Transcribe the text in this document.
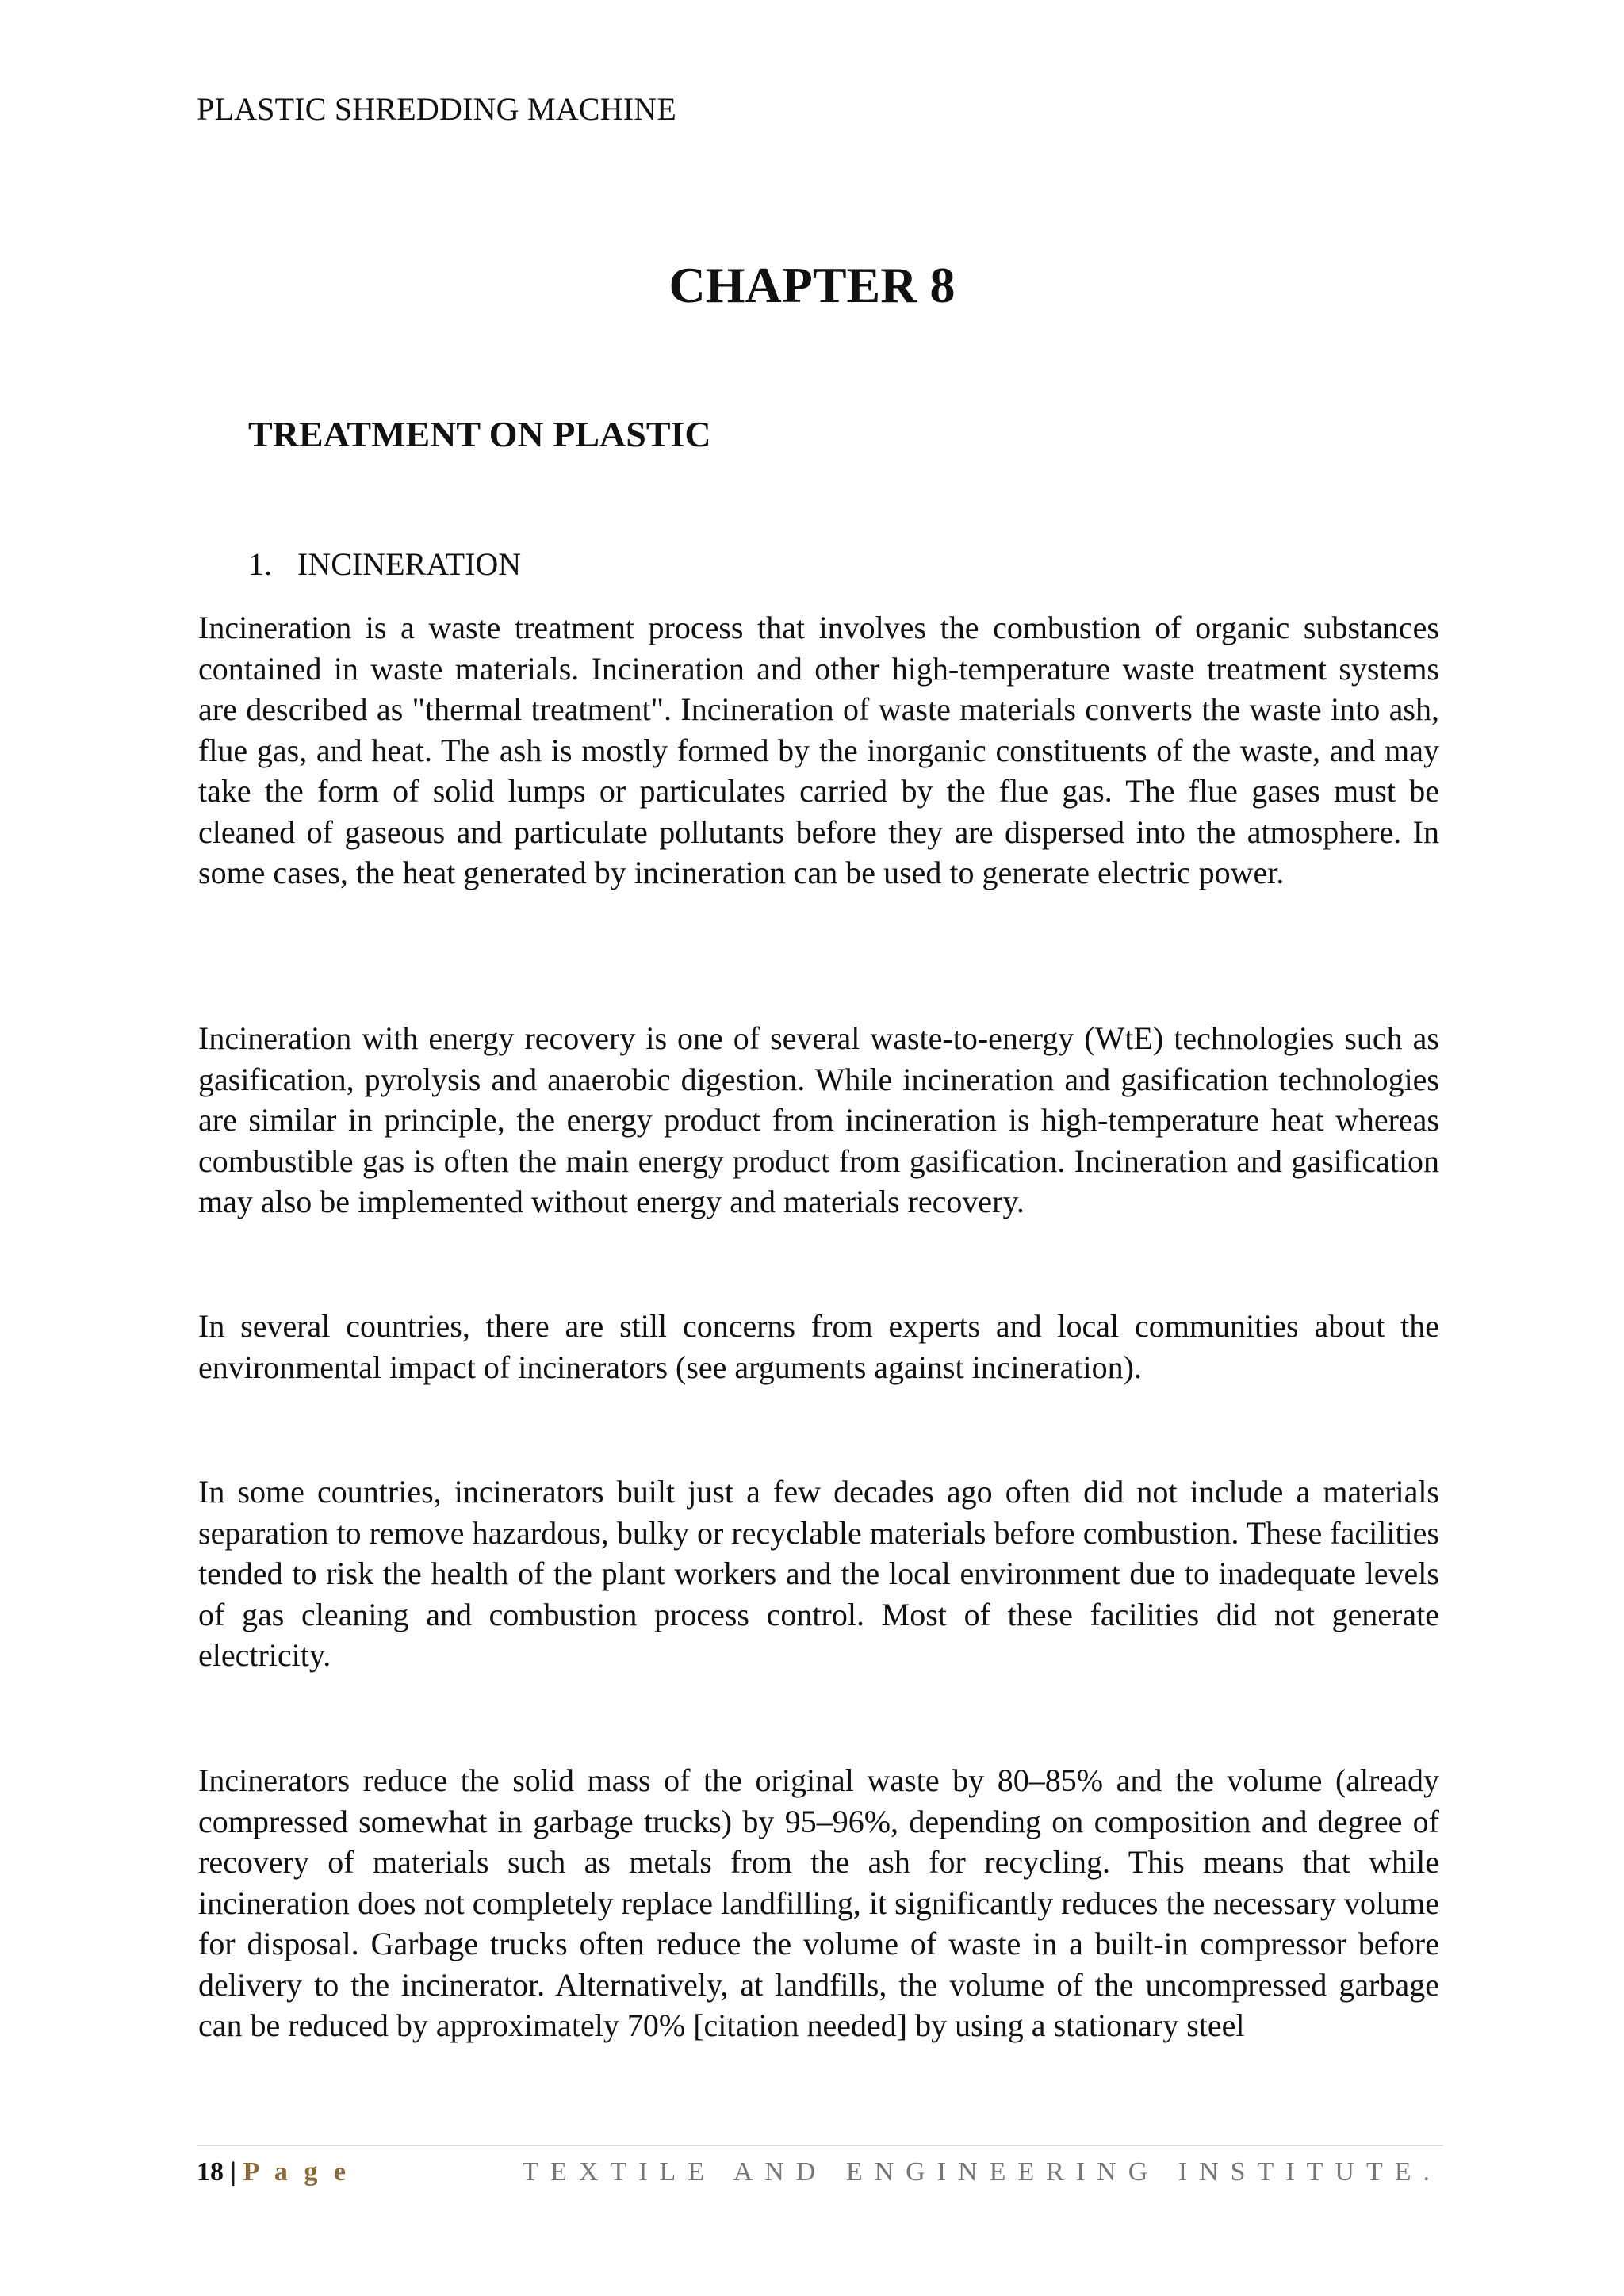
PLASTIC SHREDDING MACHINE
CHAPTER 8
TREATMENT ON PLASTIC
1. INCINERATION

Incineration is a waste treatment process that involves the combustion of organic substances contained in waste materials. Incineration and other high-temperature waste treatment systems are described as "thermal treatment". Incineration of waste materials converts the waste into ash, flue gas, and heat. The ash is mostly formed by the inorganic constituents of the waste, and may take the form of solid lumps or particulates carried by the flue gas. The flue gases must be cleaned of gaseous and particulate pollutants before they are dispersed into the atmosphere. In some cases, the heat generated by incineration can be used to generate electric power.

Incineration with energy recovery is one of several waste-to-energy (WtE) technologies such as gasification, pyrolysis and anaerobic digestion. While incineration and gasification technologies are similar in principle, the energy product from incineration is high-temperature heat whereas combustible gas is often the main energy product from gasification. Incineration and gasification may also be implemented without energy and materials recovery.

In several countries, there are still concerns from experts and local communities about the environmental impact of incinerators (see arguments against incineration).

In some countries, incinerators built just a few decades ago often did not include a materials separation to remove hazardous, bulky or recyclable materials before combustion. These facilities tended to risk the health of the plant workers and the local environment due to inadequate levels of gas cleaning and combustion process control. Most of these facilities did not generate electricity.

Incinerators reduce the solid mass of the original waste by 80–85% and the volume (already compressed somewhat in garbage trucks) by 95–96%, depending on composition and degree of recovery of materials such as metals from the ash for recycling. This means that while incineration does not completely replace landfilling, it significantly reduces the necessary volume for disposal. Garbage trucks often reduce the volume of waste in a built-in compressor before delivery to the incinerator. Alternatively, at landfills, the volume of the uncompressed garbage can be reduced by approximately 70% [citation needed] by using a stationary steel

18 | P a g e	TEXTILE AND ENGINEERING INSTITUTE.
